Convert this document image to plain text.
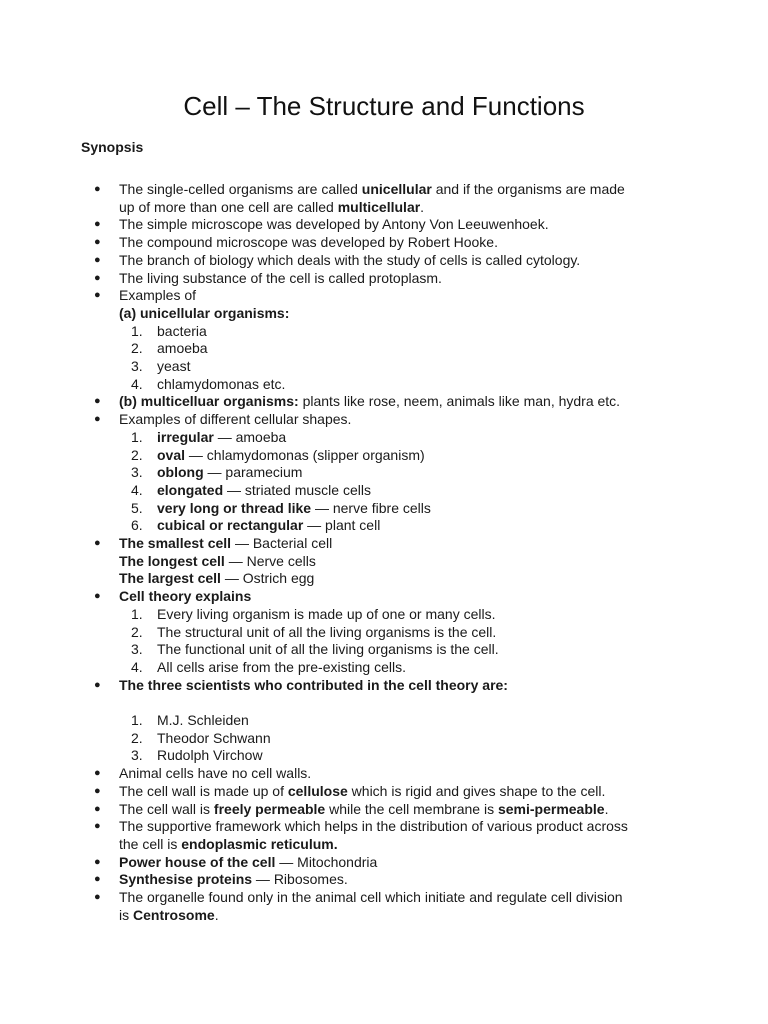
Cell – The Structure and Functions
Synopsis
● The single-celled organisms are called unicellular and if the organisms are made
up of more than one cell are called multicellular.
● The simple microscope was developed by Antony Von Leeuwenhoek.
● The compound microscope was developed by Robert Hooke.
● The branch of biology which deals with the study of cells is called cytology.
● The living substance of the cell is called protoplasm.
● Examples of
(a) unicellular organisms:
1.	bacteria
2.	amoeba
3.	yeast
4.	chlamydomonas etc.
● (b) multicelluar organisms: plants like rose, neem, animals like man, hydra etc.
● Examples of different cellular shapes.
1.	irregular — amoeba
2.	oval — chlamydomonas (slipper organism)
3.	oblong — paramecium
4.	elongated — striated muscle cells
5.	very long or thread like — nerve fibre cells
6.	cubical or rectangular — plant cell
● The smallest cell — Bacterial cell
The longest cell — Nerve cells
The largest cell — Ostrich egg
● Cell theory explains
1.	Every living organism is made up of one or many cells.
2.	The structural unit of all the living organisms is the cell.
3.	The functional unit of all the living organisms is the cell.
4.	All cells arise from the pre-existing cells.
● The three scientists who contributed in the cell theory are:
1.	M.J. Schleiden
2.	Theodor Schwann
3.	Rudolph Virchow
● Animal cells have no cell walls.
● The cell wall is made up of cellulose which is rigid and gives shape to the cell.
● The cell wall is freely permeable while the cell membrane is semi-permeable.
● The supportive framework which helps in the distribution of various product across
the cell is endoplasmic reticulum.
● Power house of the cell — Mitochondria
● Synthesise proteins — Ribosomes.
● The organelle found only in the animal cell which initiate and regulate cell division
is Centrosome.
